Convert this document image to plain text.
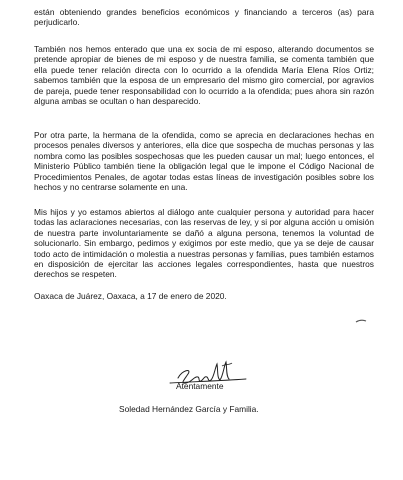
están obteniendo grandes beneficios económicos y financiando a terceros (as) para perjudicarlo.

También nos hemos enterado que una ex socia de mi esposo, alterando documentos se pretende apropiar de bienes de mi esposo y de nuestra familia, se comenta también que ella puede tener relación directa con lo ocurrido a la ofendida María Elena Ríos Ortiz; sabemos también que la esposa de un empresario del mismo giro comercial, por agravios de pareja, puede tener responsabilidad con lo ocurrido a la ofendida; pues ahora sin razón alguna ambas se ocultan o han desparecido.

Por otra parte, la hermana de la ofendida, como se aprecia en declaraciones hechas en procesos penales diversos y anteriores, ella dice que sospecha de muchas personas y las nombra como las posibles sospechosas que les pueden causar un mal; luego entonces, el Ministerio Público también tiene la obligación legal que le impone el Código Nacional de Procedimientos Penales, de agotar todas estas líneas de investigación posibles sobre los hechos y no centrarse solamente en una.

Mis hijos y yo estamos abiertos al diálogo ante cualquier persona y autoridad para hacer todas las aclaraciones necesarias, con las reservas de ley, y si por alguna acción u omisión de nuestra parte involuntariamente se dañó a alguna persona, tenemos la voluntad de solucionarlo. Sin embargo, pedimos y exigimos por este medio, que ya se deje de causar todo acto de intimidación o molestia a nuestras personas y familias, pues también estamos en disposición de ejercitar las acciones legales correspondientes, hasta que nuestros derechos se respeten.

Oaxaca de Juárez, Oaxaca, a 17 de enero de 2020.

Atentamente

Soledad Hernández García y Familia.
